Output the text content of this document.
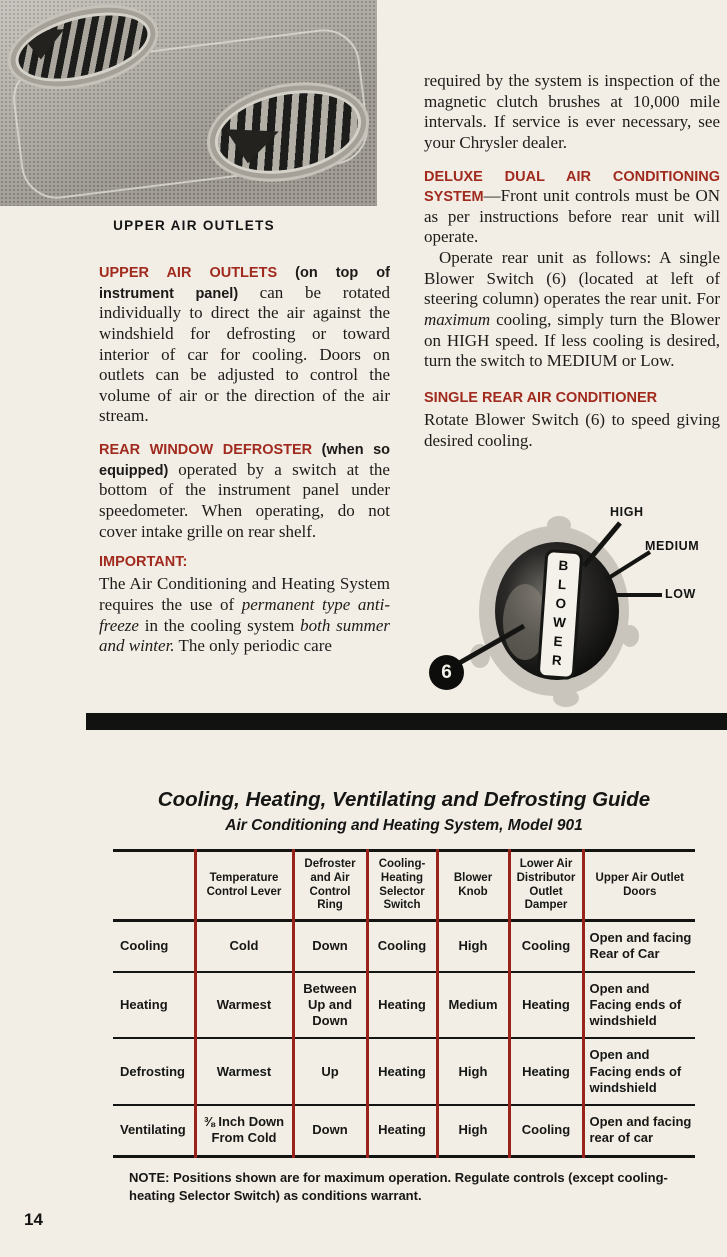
UPPER AIR OUTLETS

UPPER AIR OUTLETS (on top of instrument panel) can be rotated individually to direct the air against the windshield for defrosting or toward interior of car for cooling. Doors on outlets can be adjusted to control the volume of air or the direction of the air stream.

REAR WINDOW DEFROSTER (when so equipped) operated by a switch at the bottom of the instrument panel under speedometer. When operating, do not cover intake grille on rear shelf.

IMPORTANT:

The Air Conditioning and Heating System requires the use of permanent type anti-freeze in the cooling system both summer and winter. The only periodic care

required by the system is inspection of the magnetic clutch brushes at 10,000 mile intervals. If service is ever necessary, see your Chrysler dealer.

DELUXE DUAL AIR CONDITIONING SYSTEM—Front unit controls must be ON as per instructions before rear unit will operate.

Operate rear unit as follows: A single Blower Switch (6) (located at left of steering column) operates the rear unit. For maximum cooling, simply turn the Blower on HIGH speed. If less cooling is desired, turn the switch to MEDIUM or Low.

SINGLE REAR AIR CONDITIONER

Rotate Blower Switch (6) to speed giving desired cooling.

BLOWER
HIGH
MEDIUM
LOW
6
Cooling, Heating, Ventilating and Defrosting Guide
Air Conditioning and Heating System, Model 901
	Temperature Control Lever	Defroster and Air Control Ring	Cooling-Heating Selector Switch	Blower Knob	Lower Air Distributor Outlet Damper	Upper Air Outlet Doors
Cooling	Cold	Down	Cooling	High	Cooling	Open and facing Rear of Car
Heating	Warmest	Between Up and Down	Heating	Medium	Heating	Open and Facing ends of windshield
Defrosting	Warmest	Up	Heating	High	Heating	Open and Facing ends of windshield
Ventilating	⅜ Inch Down From Cold	Down	Heating	High	Cooling	Open and facing rear of car

NOTE: Positions shown are for maximum operation. Regulate controls (except cooling-heating Selector Switch) as conditions warrant.

14
